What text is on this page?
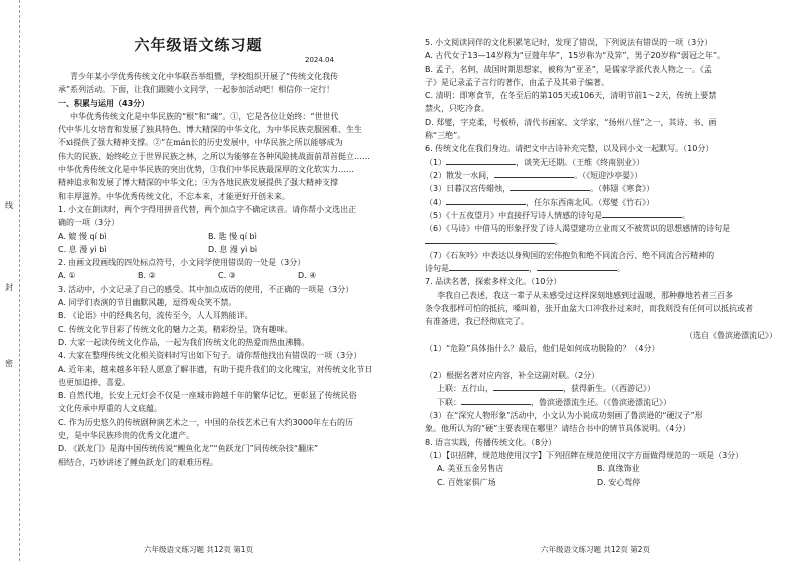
线
封
密
六年级语文练习题
2024.04
青少年某小学优秀传统文化中华联吾举组暨，学校组织开展了“传统文化我传
承”系列活动。下面，让我们跟随小文同学，一起参加活动吧！相信你一定行！
一、积累与运用（43分）
中华优秀传统文化是中华民族的“根”和“魂”。①，它是各位让始终：“世世代
代中华儿女培育和发展了独具特色、博大精深的中华文化，为中华民族克服困难、生生
不xi提供了强大精神支撑。②”在mán长的历史发展中，中华民族之所以能够成为
伟大的民族、始终屹立于世界民族之林，之所以为能够在各种风险挑战面前昂首挺立……
中华优秀传统文化是中华民族的突出优势，③我们中华民族最深厚的文化软实力……
精神追求和发展了博大精深的中华文化；④为各地民族发展提供了强大精神支撑
和丰厚滋养。中华优秀传统文化，不忘本来，才能更好开创未来。
1. 小文在朗读时，两个字得用拼音代替，两个加点字不确定读音。请你帮小文选出正
确的一项（3分）
A. 媲 慢 qí bì	B. 匙 慢 qí bì
C. 息 漫 yì bì	D. 息 漫 yì bì
2. 由画文段画线的四处标点符号，小文同学使用错误的一处是（3分）
A. ①	B. ②	C. ③	D. ④
3. 活动中，小文记录了自己的感受。其中加点成语的使用，不正确的一项是（3分）
A. 同学们表演的节目幽默风趣，逗得观众笑不禁。
B. 《论语》中的经典名句，流传至今，人人耳熟能详。
C. 传统文化节目彩了传统文化的魅力之美，精彩纷呈，饶有趣味。
D. 大家一起读传统文化作品，一起为我们传统文化的热爱而热血沸腾。
4. 大家在整理传统文化相关资料时写出如下句子。请你帮他找出有错误的一项（3分）
A. 近年来，越来越多年轻人愿意了解非遗，有助于提升我们的文化瑰宝，对传统文化节日
也更加追捧、喜爱。
B. 自然代地，长安上元灯会不仅是一座城市跨越千年的繁华记忆，更彰显了传统民俗
文化传承中厚重的人文底蕴。
C. 作为历史悠久的传统剧种演艺术之一，中国的杂技艺术已有大约3000年左右的历
史，是中华民族珍贵的优秀文化遗产。
D. 《跃龙门》是海中国传统传说“鲤鱼化龙”“鱼跃龙门”同传统杂技“翻床”
相结合，巧妙讲述了鲤鱼跃龙门的艰难历程。
六年级语文练习题 共12页 第1页
5. 小文阅读同伴的文化积累笔记时，发现了错误，下列说法有错误的一项（3分）
A. 古代女子13—14岁称为“豆蔻年华”，15岁称为“及笄”，男子20岁称“弱冠之年”。
B. 孟子，名轲，战国时期思想家，被称为“亚圣”，是儒家学派代表人物之一。《孟
子》是记录孟子言行的著作，由孟子及其弟子编著。
C. 清明：即寒食节，在冬至后的第105天或106天，清明节前1～2天，传统上要禁
禁火，只吃冷食。
D. 郑燮，字克柔，号板桥，清代书画家、文学家，“扬州八怪”之一，其诗、书、画
称“三绝”。
6. 传统文化在我们身边。请把文中古诗补充完整，以及同小文一起默写。（10分）
（1）	，谈笑无还期。（王维《终南别业》）
（2）散发一水间，	。（《短迎沙亭晏》）
（3）日暮汉宫传蜡烛，	。（韩翃《寒食》）
（4）	，任尔东西南北风。（郑燮《竹石》）
（5）《十五夜望月》中直接抒写诗人情感的诗句是	。
（6）《马诗》中借马的形象抒发了诗人渴望建功立业而又不被赏识的思想感情的诗句是
。
（7）《石灰吟》中表达以身殉国的宏伟抱负和绝不同流合污、绝不同流合污精神的
诗句是	，	。
7. 品读名著，探索多样文化。（10分）
李我自己表述，我这一辈子从未感受过这样深刻地感到过温暖，那种静地若者三百多
条令我那样可怕的抵抗，嗓叫着，张开血盆大口冲我扑过来时，而我则没有任何可以抵抗或者
有准备进，我已经彻底完了。
（选自《鲁滨逊漂流记》）
（1）“危险”具体指什么？最后，他们是如何成功脱险的？（4分）
（2）根据名著对应内容，补全这副对联。（2分）
上联：五行山，	，获得新生。（《西游记》）
下联：	，鲁滨逊漂流生还。（《鲁滨逊漂流记》）
（3）在“深究人物形象”活动中，小文认为小说成功刻画了鲁滨逊的“硬汉子”形
象。他所认为的“硬”主要表现在哪里？请结合书中的情节具体说明。（4分）
8. 语言实践，传播传统文化。（8分）
（1）【识招牌，规范地使用汉字】下列招牌在规范使用汉字方面做得规范的一项是（3分）
A. 美亚五金另售店	B. 真缘饰业
C. 百姓家俱广场	D. 安心驾停
六年级语文练习题 共12页 第2页
